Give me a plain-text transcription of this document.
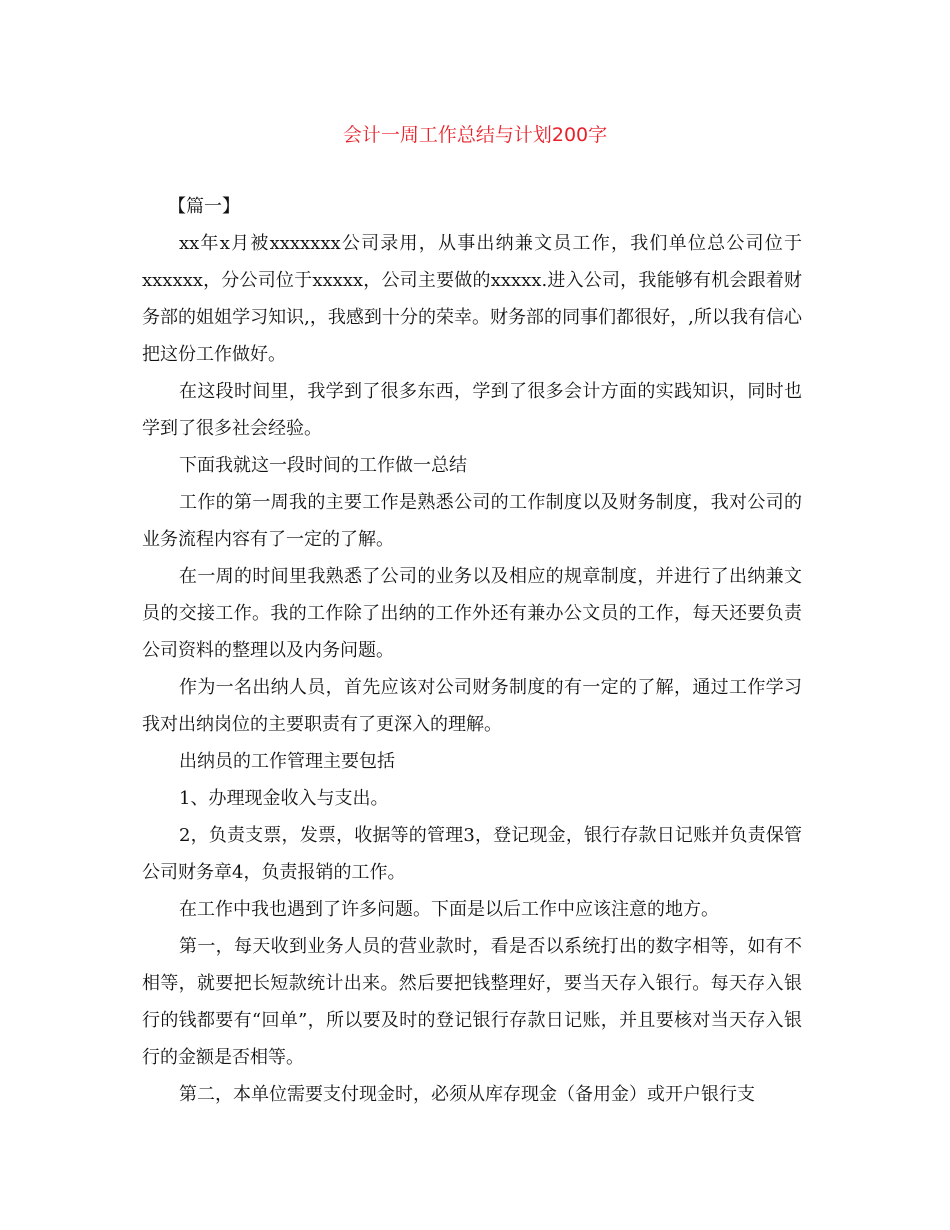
会计一周工作总结与计划200字

【篇一】

xx年x月被xxxxxxx公司录用，从事出纳兼文员工作，我们单位总公司位于xxxxxx，分公司位于xxxxx，公司主要做的xxxxx.进入公司，我能够有机会跟着财务部的姐姐学习知识,，我感到十分的荣幸。财务部的同事们都很好，,所以我有信心把这份工作做好。

在这段时间里，我学到了很多东西，学到了很多会计方面的实践知识，同时也学到了很多社会经验。

下面我就这一段时间的工作做一总结

工作的第一周我的主要工作是熟悉公司的工作制度以及财务制度，我对公司的业务流程内容有了一定的了解。

在一周的时间里我熟悉了公司的业务以及相应的规章制度，并进行了出纳兼文员的交接工作。我的工作除了出纳的工作外还有兼办公文员的工作，每天还要负责公司资料的整理以及内务问题。

作为一名出纳人员，首先应该对公司财务制度的有一定的了解，通过工作学习我对出纳岗位的主要职责有了更深入的理解。

出纳员的工作管理主要包括

1、办理现金收入与支出。

2，负责支票，发票，收据等的管理3，登记现金，银行存款日记账并负责保管公司财务章4，负责报销的工作。

在工作中我也遇到了许多问题。下面是以后工作中应该注意的地方。

第一，每天收到业务人员的营业款时，看是否以系统打出的数字相等，如有不相等，就要把长短款统计出来。然后要把钱整理好，要当天存入银行。每天存入银行的钱都要有“回单”，所以要及时的登记银行存款日记账，并且要核对当天存入银行的金额是否相等。

第二，本单位需要支付现金时，必须从库存现金（备用金）或开户银行支
